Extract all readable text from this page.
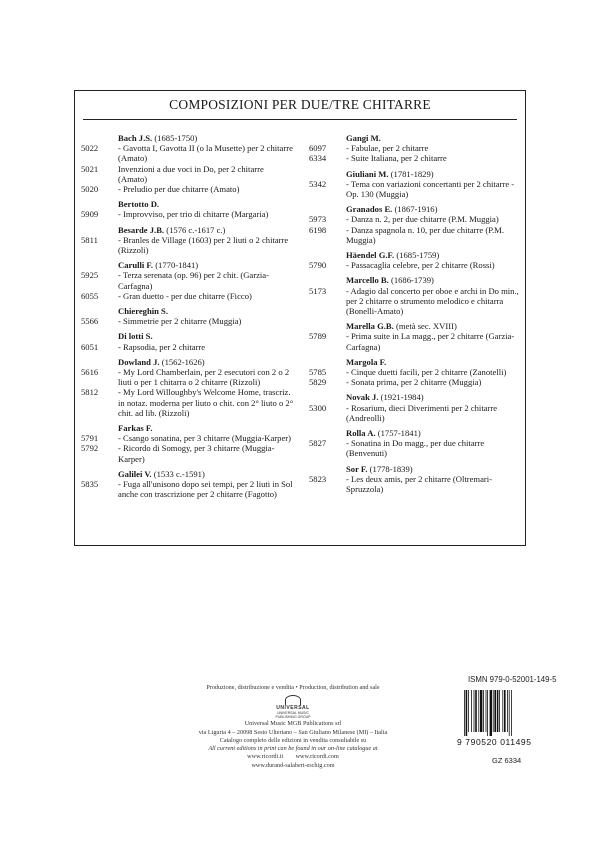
COMPOSIZIONI PER DUE/TRE CHITARRE
Bach J.S. (1685-1750)
5022	- Gavotta I, Gavotta II (o la Musette) per 2 chitarre (Amato)
5021	Invenzioni a due voci in Do, per 2 chitarre (Amato)
5020	- Preludio per due chitarre (Amato)
Bertotto D.
5909	- Improvviso, per trio di chitarre (Margaria)
Besarde J.B. (1576 c.-1617 c.)
5811	- Branles de Village (1603) per 2 liuti o 2 chitarre (Rizzoli)
Carulli F. (1770-1841)
5925	- Terza serenata (op. 96) per 2 chit. (Garzia-Carfagna)
6055	- Gran duetto - per due chitarre (Ficco)
Chiereghin S.
5566	- Simmetrie per 2 chitarre (Muggia)
Di lotti S.
6051	- Rapsodia, per 2 chitarre
Dowland J. (1562-1626)
5616	- My Lord Chamberlain, per 2 esecutori con 2 o 2 liuti o per 1 chitarra o 2 chitarre (Rizzoli)
5812	- My Lord Willoughby's Welcome Home, trascriz. in notaz. moderna per liuto o chit. con 2° liuto o 2° chit. ad lib. (Rizzoli)
Farkas F.
5791	- Csango sonatina, per 3 chitarre (Muggia-Karper)
5792	- Ricordo di Somogy, per 3 chitarre (Muggia-Karper)
Galilei V. (1533 c.-1591)
5835	- Fuga all'unisono dopo sei tempi, per 2 liuti in Sol anche con trascrizione per 2 chitarre (Fagotto)
Gangi M.
6097	- Fabulae, per 2 chitarre
6334	- Suite Italiana, per 2 chitarre
Giuliani M. (1781-1829)
5342	- Tema con variazioni concertanti per 2 chitarre - Op. 130 (Muggia)
Granados E. (1867-1916)
5973	- Danza n. 2, per due chitarre (P.M. Muggia)
6198	- Danza spagnola n. 10, per due chitarre (P.M. Muggia)
Häendel G.F. (1685-1759)
5790	- Passacaglia celebre, per 2 chitarre (Rossi)
Marcello B. (1686-1739)
5173	- Adagio dal concerto per oboe e archi in Do min., per 2 chitarre o strumento melodico e chitarra (Bonelli-Amato)
Marella G.B. (metà sec. XVIII)
5789	- Prima suite in La magg., per 2 chitarre (Garzia-Carfagna)
Margola F.
5785	- Cinque duetti facili, per 2 chitarre (Zanotelli)
5829	- Sonata prima, per 2 chitarre (Muggia)
Novak J. (1921-1984)
5300	- Rosarium, dieci Diverimenti per 2 chitarre (Andreolli)
Rolla A. (1757-1841)
5827	- Sonatina in Do magg., per due chitarre (Benvenuti)
Sor F. (1778-1839)
5823	- Les deux amis, per 2 chitarre (Oltremari-Spruzzola)
Produzione, distribuzione e vendita • Production, distribution and sale
UNIVERSAL
UNIVERSAL MUSIC PUBLISHING GROUP
Universal Music MGB Publications srl
via Liguria 4 – 20098 Sesto Ulteriano – San Giuliano Milanese (MI) – Italia
Catalogo completo delle edizioni in vendita consultabile su
All current editions in print can be found in our on-line catalogue at
www.ricordi.it www.ricordi.com
www.durand-salabert-eschig.com
ISMN 979-0-52001-149-5
9 790520 011495
GZ 6334
